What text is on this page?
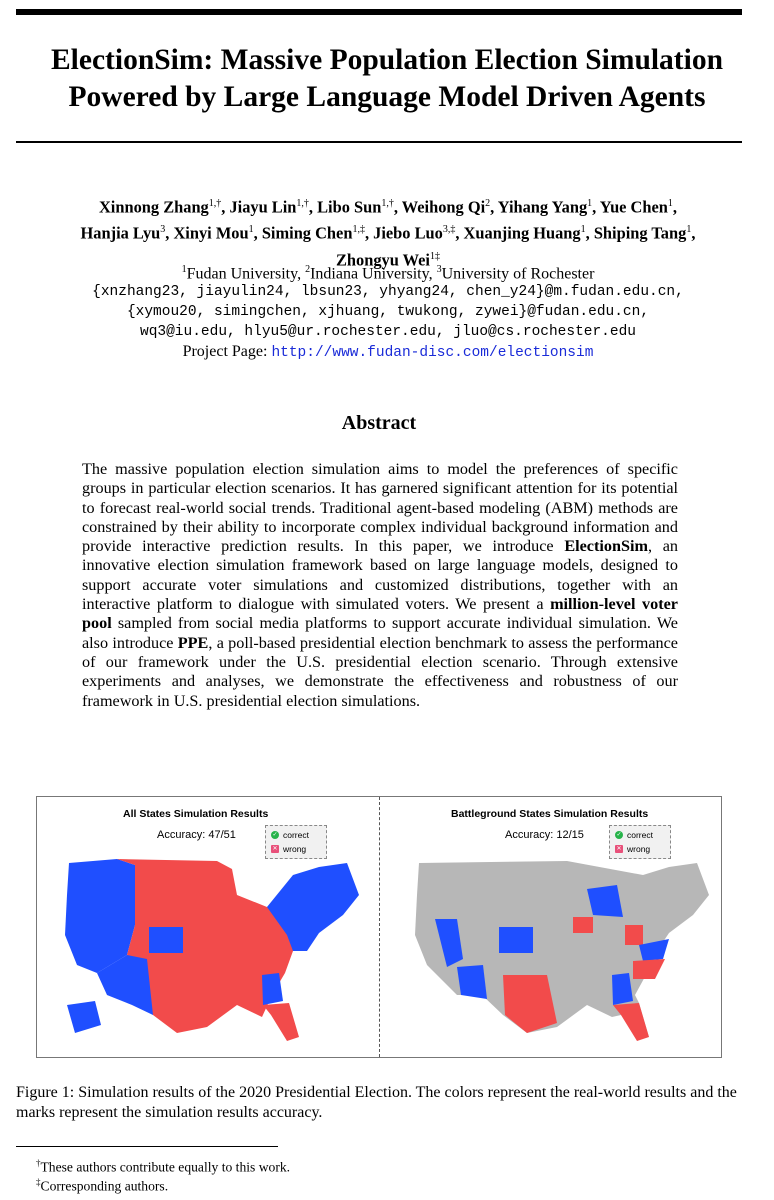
ElectionSim: Massive Population Election Simulation
Powered by Large Language Model Driven Agents
Xinnong Zhang$^{1,\dagger}$, Jiayu Lin$^{1,\dagger}$, Libo Sun$^{1,\dagger}$, Weihong Qi$^2$, Yihang Yang$^1$, Yue Chen$^1$,
Hanjia Lyu$^3$, Xinyi Mou$^1$, Siming Chen$^{1,\ddagger}$, Jiebo Luo$^{3,\ddagger}$, Xuanjing Huang$^1$, Shiping Tang$^1$,
Zhongyu Wei$^{1\ddagger}$
$^1$Fudan University, $^2$Indiana University, $^3$University of Rochester
{xnzhang23, jiayulin24, lbsun23, yhyang24, chen_y24}@m.fudan.edu.cn,
{xymou20, simingchen, xjhuang, twukong, zywei}@fudan.edu.cn,
wq3@iu.edu, hlyu5@ur.rochester.edu, jluo@cs.rochester.edu
Project Page: http://www.fudan-disc.com/electionsim
Abstract
The massive population election simulation aims to model the preferences of specific groups in particular election scenarios. It has garnered significant attention for its potential to forecast real-world social trends. Traditional agent-based modeling (ABM) methods are constrained by their ability to incorporate complex individual background information and provide interactive prediction results. In this paper, we introduce ElectionSim, an innovative election simulation framework based on large language models, designed to support accurate voter simulations and customized distributions, together with an interactive platform to dialogue with simulated voters. We present a million-level voter pool sampled from social media platforms to support accurate individual simulation. We also introduce PPE, a poll-based presidential election benchmark to assess the performance of our framework under the U.S. presidential election scenario. Through extensive experiments and analyses, we demonstrate the effectiveness and robustness of our framework in U.S. presidential election simulations.
All States Simulation Results
Accuracy: 47/51	✓ correct
✕ wrong
Battleground States Simulation Results
Accuracy: 12/15	✓ correct
✕ wrong
Figure 1: Simulation results of the 2020 Presidential Election. The colors represent the real-world results and the marks represent the simulation results accuracy.
†These authors contribute equally to this work.
‡Corresponding authors.
